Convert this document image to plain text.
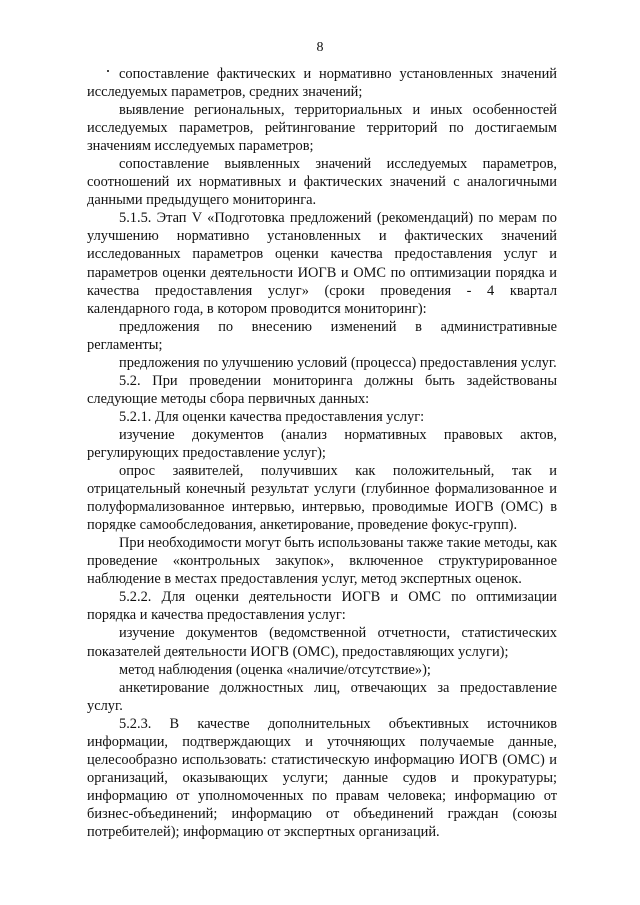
8

сопоставление фактических и нормативно установленных значений исследуемых параметров, средних значений;

выявление региональных, территориальных и иных особенностей исследуемых параметров, рейтингование территорий по достигаемым значениям исследуемых параметров;

сопоставление выявленных значений исследуемых параметров, соотношений их нормативных и фактических значений с аналогичными данными предыдущего мониторинга.

5.1.5. Этап V «Подготовка предложений (рекомендаций) по мерам по улучшению нормативно установленных и фактических значений исследованных параметров оценки качества предоставления услуг и параметров оценки деятельности ИОГВ и ОМС по оптимизации порядка и качества предоставления услуг» (сроки проведения - 4 квартал календарного года, в котором проводится мониторинг):

предложения по внесению изменений в административные регламенты;

предложения по улучшению условий (процесса) предоставления услуг.

5.2. При проведении мониторинга должны быть задействованы следующие методы сбора первичных данных:

5.2.1. Для оценки качества предоставления услуг:

изучение документов (анализ нормативных правовых актов, регулирующих предоставление услуг);

опрос заявителей, получивших как положительный, так и отрицательный конечный результат услуги (глубинное формализованное и полуформализованное интервью, интервью, проводимые ИОГВ (ОМС) в порядке самообследования, анкетирование, проведение фокус-групп).

При необходимости могут быть использованы также такие методы, как проведение «контрольных закупок», включенное структурированное наблюдение в местах предоставления услуг, метод экспертных оценок.

5.2.2. Для оценки деятельности ИОГВ и ОМС по оптимизации порядка и качества предоставления услуг:

изучение документов (ведомственной отчетности, статистических показателей деятельности ИОГВ (ОМС), предоставляющих услуги);

метод наблюдения (оценка «наличие/отсутствие»);

анкетирование должностных лиц, отвечающих за предоставление услуг.

5.2.3. В качестве дополнительных объективных источников информации, подтверждающих и уточняющих получаемые данные, целесообразно использовать: статистическую информацию ИОГВ (ОМС) и организаций, оказывающих услуги; данные судов и прокуратуры; информацию от уполномоченных по правам человека; информацию от бизнес-объединений; информацию от объединений граждан (союзы потребителей); информацию от экспертных организаций.
